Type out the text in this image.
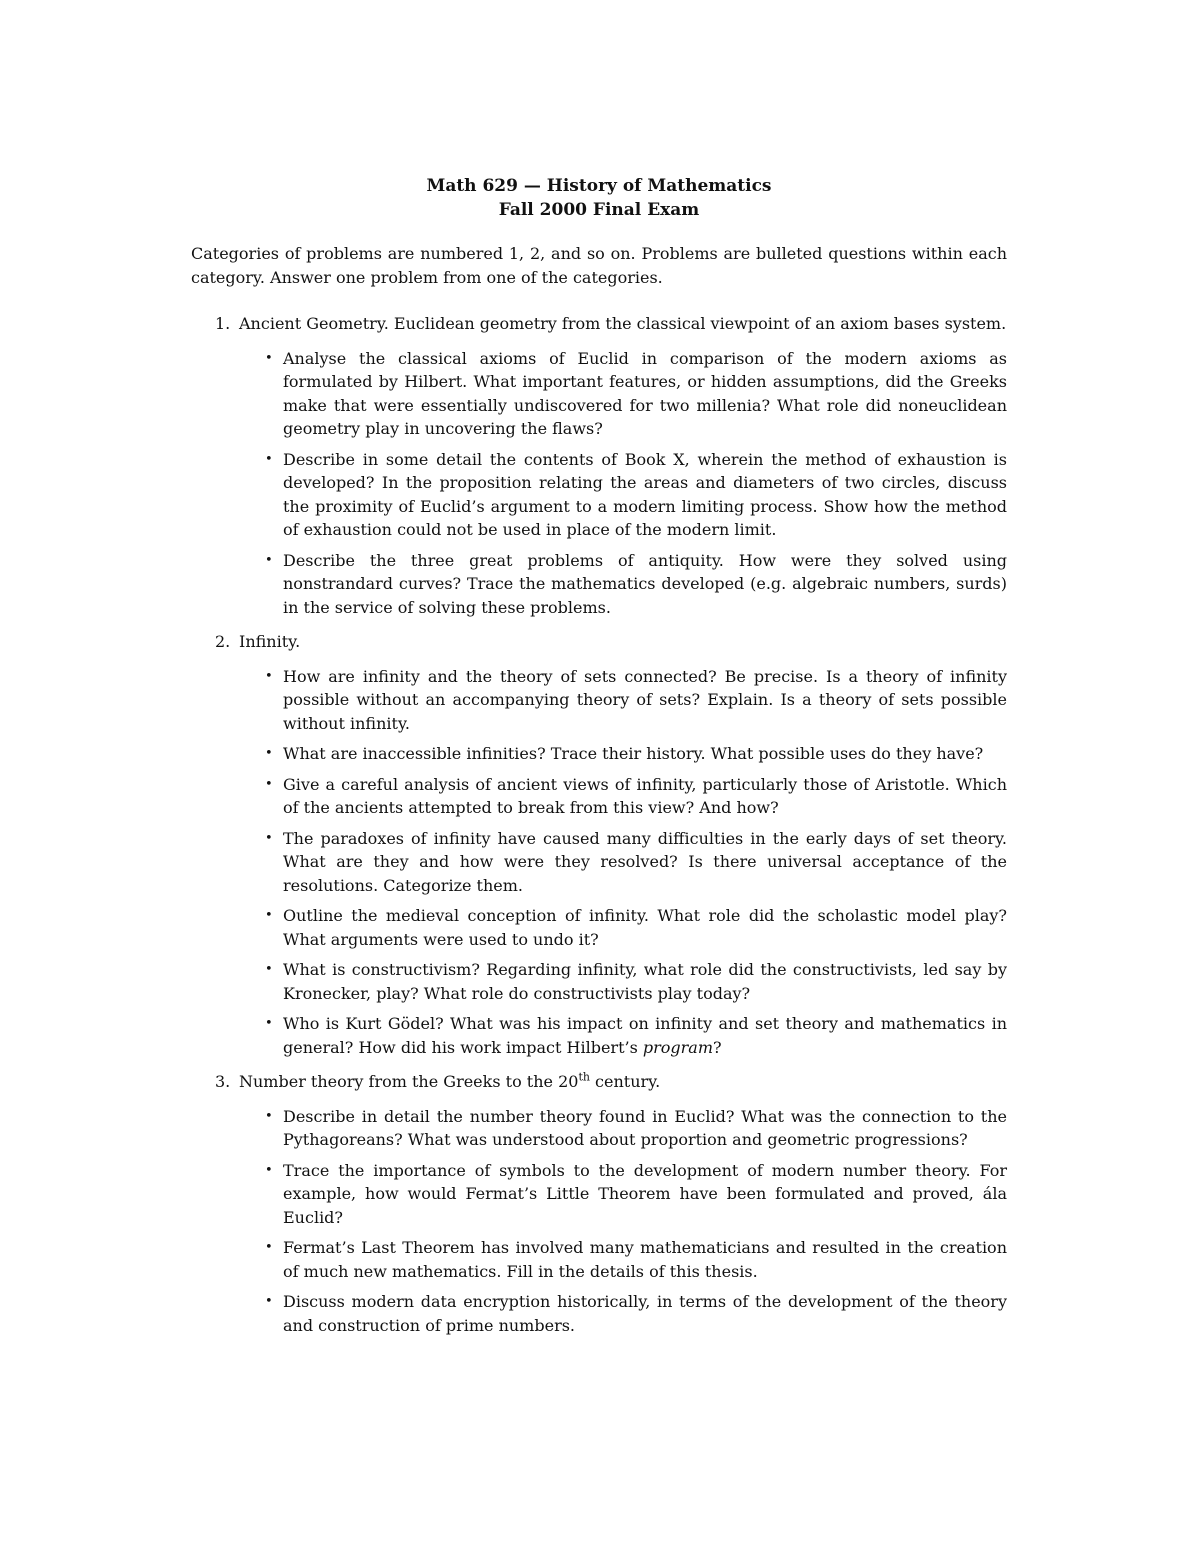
Math 629 — History of Mathematics
Fall 2000 Final Exam
Categories of problems are numbered 1, 2, and so on. Problems are bulleted questions within each category. Answer one problem from one of the categories.
1. Ancient Geometry. Euclidean geometry from the classical viewpoint of an axiom bases system.
• Analyse the classical axioms of Euclid in comparison of the modern axioms as formulated by Hilbert. What important features, or hidden assumptions, did the Greeks make that were essentially undiscovered for two millenia? What role did noneuclidean geometry play in uncovering the flaws?
• Describe in some detail the contents of Book X, wherein the method of exhaustion is developed? In the proposition relating the areas and diameters of two circles, discuss the proximity of Euclid’s argument to a modern limiting process. Show how the method of exhaustion could not be used in place of the modern limit.
• Describe the three great problems of antiquity. How were they solved using nonstrandard curves? Trace the mathematics developed (e.g. algebraic numbers, surds) in the service of solving these problems.
2. Infinity.
• How are infinity and the theory of sets connected? Be precise. Is a theory of infinity possible without an accompanying theory of sets? Explain. Is a theory of sets possible without infinity.
• What are inaccessible infinities? Trace their history. What possible uses do they have?
• Give a careful analysis of ancient views of infinity, particularly those of Aristotle. Which of the ancients attempted to break from this view? And how?
• The paradoxes of infinity have caused many difficulties in the early days of set theory. What are they and how were they resolved? Is there universal acceptance of the resolutions. Categorize them.
• Outline the medieval conception of infinity. What role did the scholastic model play? What arguments were used to undo it?
• What is constructivism? Regarding infinity, what role did the constructivists, led say by Kronecker, play? What role do constructivists play today?
• Who is Kurt Gödel? What was his impact on infinity and set theory and mathematics in general? How did his work impact Hilbert’s program?
3. Number theory from the Greeks to the 20th century.
• Describe in detail the number theory found in Euclid? What was the connection to the Pythagoreans? What was understood about proportion and geometric progressions?
• Trace the importance of symbols to the development of modern number theory. For example, how would Fermat’s Little Theorem have been formulated and proved, ála Euclid?
• Fermat’s Last Theorem has involved many mathematicians and resulted in the creation of much new mathematics. Fill in the details of this thesis.
• Discuss modern data encryption historically, in terms of the development of the theory and construction of prime numbers.
